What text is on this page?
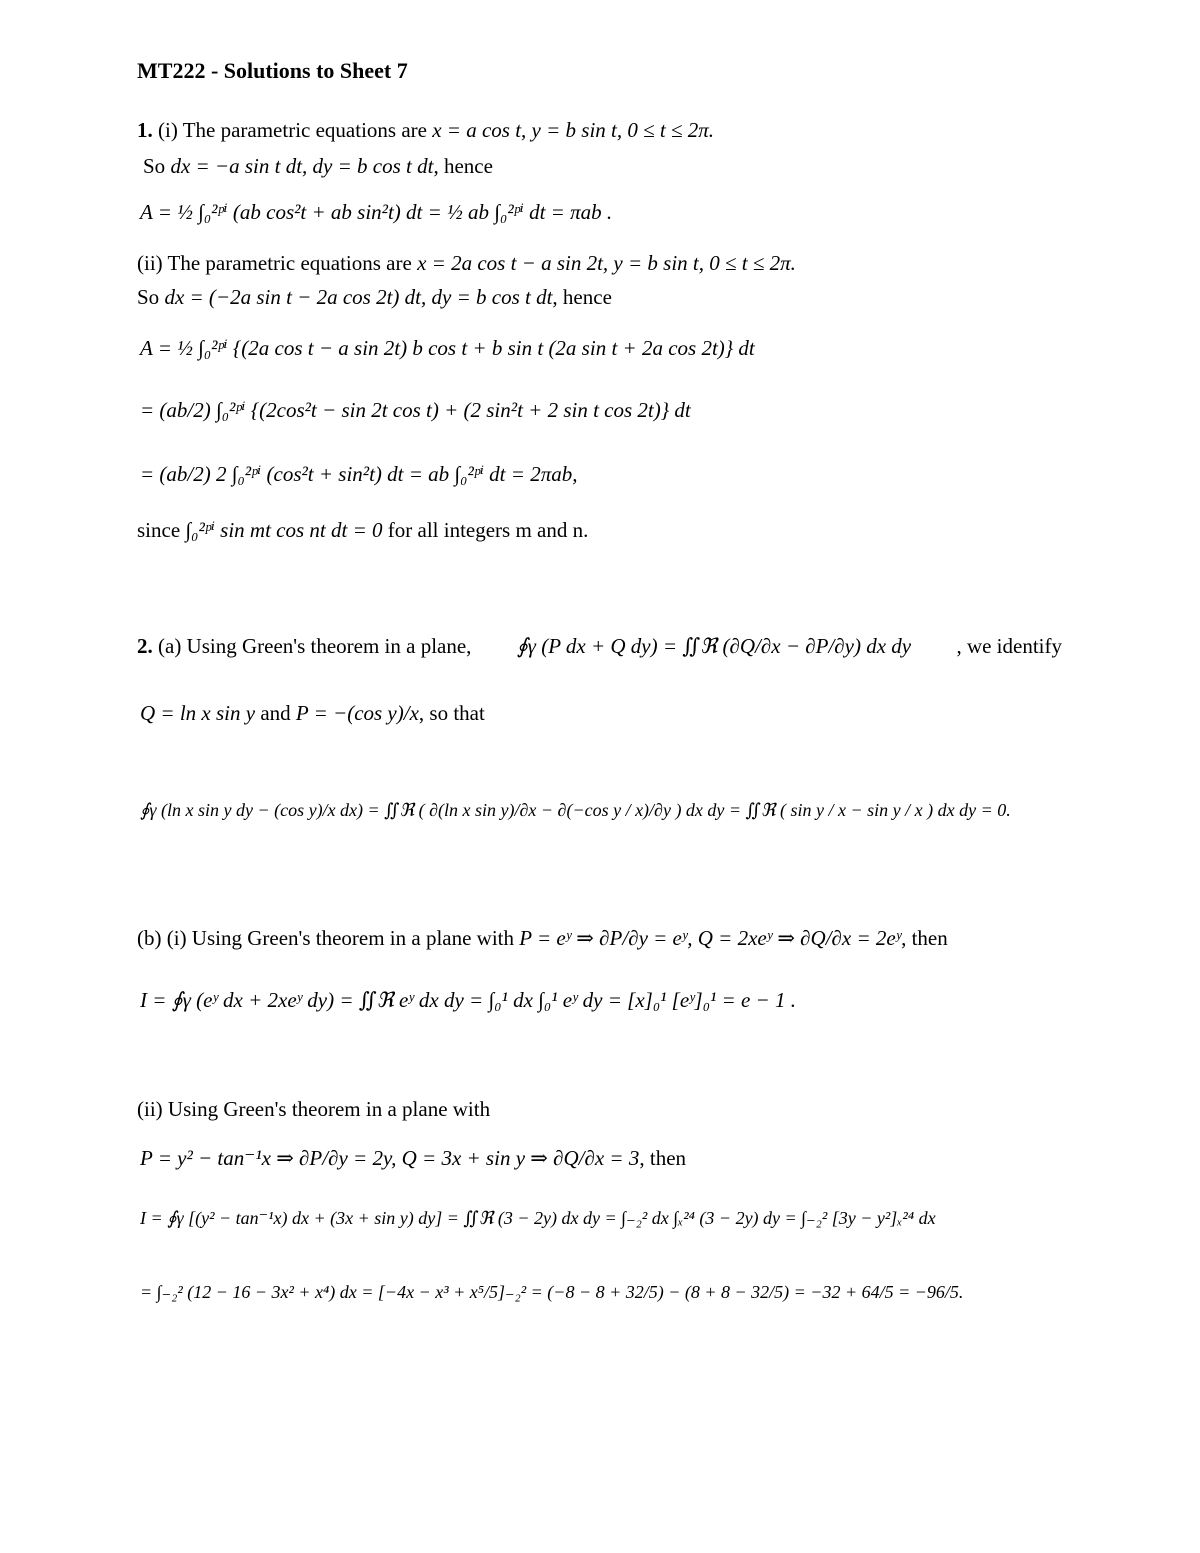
MT222 - Solutions to Sheet 7
1. (i) The parametric equations are x = a cos t, y = b sin t, 0 ≤ t ≤ 2π.
So dx = −a sin t dt, dy = b cos t dt, hence
A = ½ ∫₀²ᵖⁱ (ab cos²t + ab sin²t) dt = ½ ab ∫₀²ᵖⁱ dt = πab .
(ii) The parametric equations are x = 2a cos t − a sin 2t, y = b sin t, 0 ≤ t ≤ 2π.
So dx = (−2a sin t − 2a cos 2t) dt, dy = b cos t dt, hence
A = ½ ∫₀²ᵖⁱ {(2a cos t − a sin 2t) b cos t + b sin t (2a sin t + 2a cos 2t)} dt
= (ab/2) ∫₀²ᵖⁱ {(2cos²t − sin 2t cos t) + (2 sin²t + 2 sin t cos 2t)} dt
= (ab/2) 2 ∫₀²ᵖⁱ (cos²t + sin²t) dt = ab ∫₀²ᵖⁱ dt = 2πab,
since ∫₀²ᵖⁱ sin mt cos nt dt = 0 for all integers m and n.
2. (a) Using Green's theorem in a plane, ∮γ (P dx + Q dy) = ∬ℜ (∂Q/∂x − ∂P/∂y) dx dy , we identify
Q = ln x sin y and P = −(cos y)/x, so that
∮γ (ln x sin y dy − (cos y)/x dx) = ∬ℜ ( ∂(ln x sin y)/∂x − ∂(−cos y / x)/∂y ) dx dy = ∬ℜ ( sin y / x − sin y / x ) dx dy = 0.
(b) (i) Using Green's theorem in a plane with P = eʸ ⇒ ∂P/∂y = eʸ, Q = 2xeʸ ⇒ ∂Q/∂x = 2eʸ, then
I = ∮γ (eʸ dx + 2xeʸ dy) = ∬ℜ eʸ dx dy = ∫₀¹ dx ∫₀¹ eʸ dy = [x]₀¹ [eʸ]₀¹ = e − 1 .
(ii) Using Green's theorem in a plane with
P = y² − tan⁻¹x ⇒ ∂P/∂y = 2y, Q = 3x + sin y ⇒ ∂Q/∂x = 3, then
I = ∮γ [(y² − tan⁻¹x) dx + (3x + sin y) dy] = ∬ℜ (3 − 2y) dx dy = ∫₋₂² dx ∫ₓ²⁴ (3 − 2y) dy = ∫₋₂² [3y − y²]ₓ²⁴ dx
= ∫₋₂² (12 − 16 − 3x² + x⁴) dx = [−4x − x³ + x⁵/5]₋₂² = (−8 − 8 + 32/5) − (8 + 8 − 32/5) = −32 + 64/5 = −96/5.
